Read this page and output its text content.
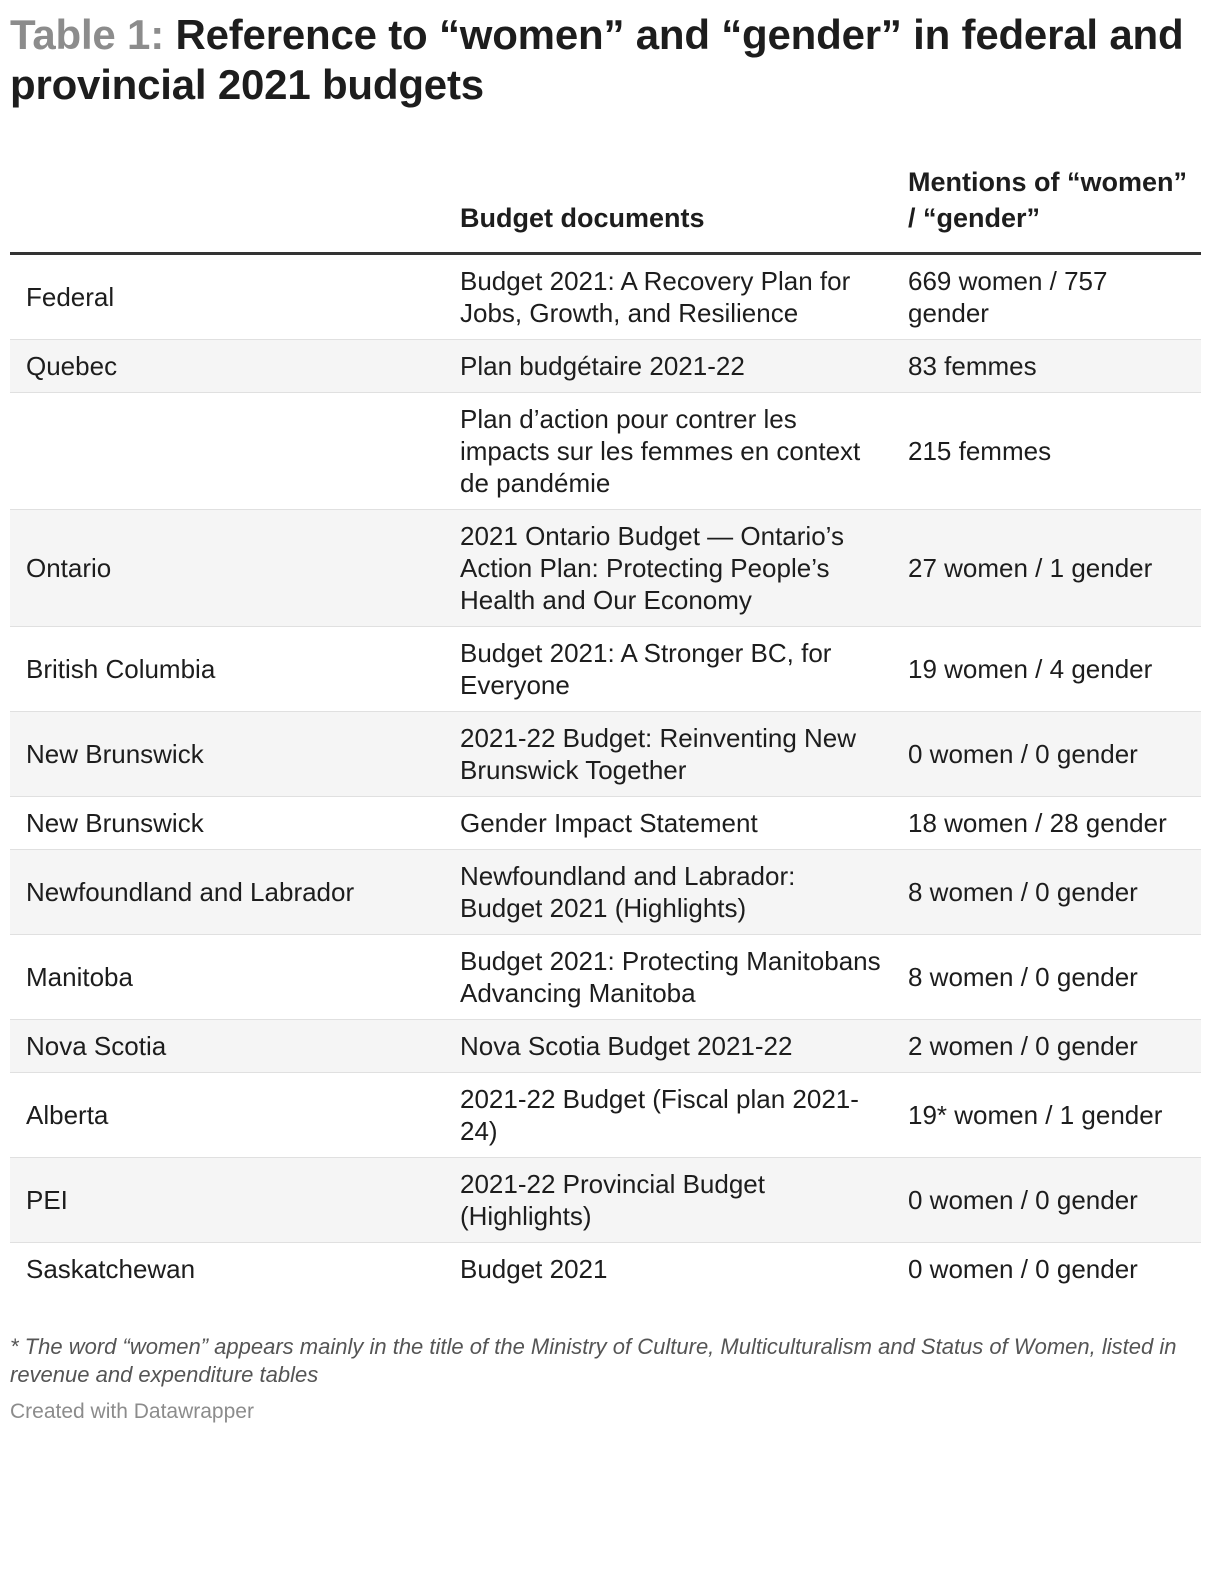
Table 1: Reference to “women” and “gender” in federal and provincial 2021 budgets
	Budget documents	Mentions of “women” / “gender”
Federal	Budget 2021: A Recovery Plan for Jobs, Growth, and Resilience	669 women / 757 gender
Quebec	Plan budgétaire 2021-22	83 femmes
	Plan d’action pour contrer les impacts sur les femmes en context de pandémie	215 femmes
Ontario	2021 Ontario Budget — Ontario’s Action Plan: Protecting People’s Health and Our Economy	27 women / 1 gender
British Columbia	Budget 2021: A Stronger BC, for Everyone	19 women / 4 gender
New Brunswick	2021-22 Budget: Reinventing New Brunswick Together	0 women / 0 gender
New Brunswick	Gender Impact Statement	18 women / 28 gender
Newfoundland and Labrador	Newfoundland and Labrador: Budget 2021 (Highlights)	8 women / 0 gender
Manitoba	Budget 2021: Protecting Manitobans Advancing Manitoba	8 women / 0 gender
Nova Scotia	Nova Scotia Budget 2021-22	2 women / 0 gender
Alberta	2021-22 Budget (Fiscal plan 2021-24)	19* women / 1 gender
PEI	2021-22 Provincial Budget (Highlights)	0 women / 0 gender
Saskatchewan	Budget 2021	0 women / 0 gender
* The word “women” appears mainly in the title of the Ministry of Culture, Multiculturalism and Status of Women, listed in revenue and expenditure tables
Created with Datawrapper
